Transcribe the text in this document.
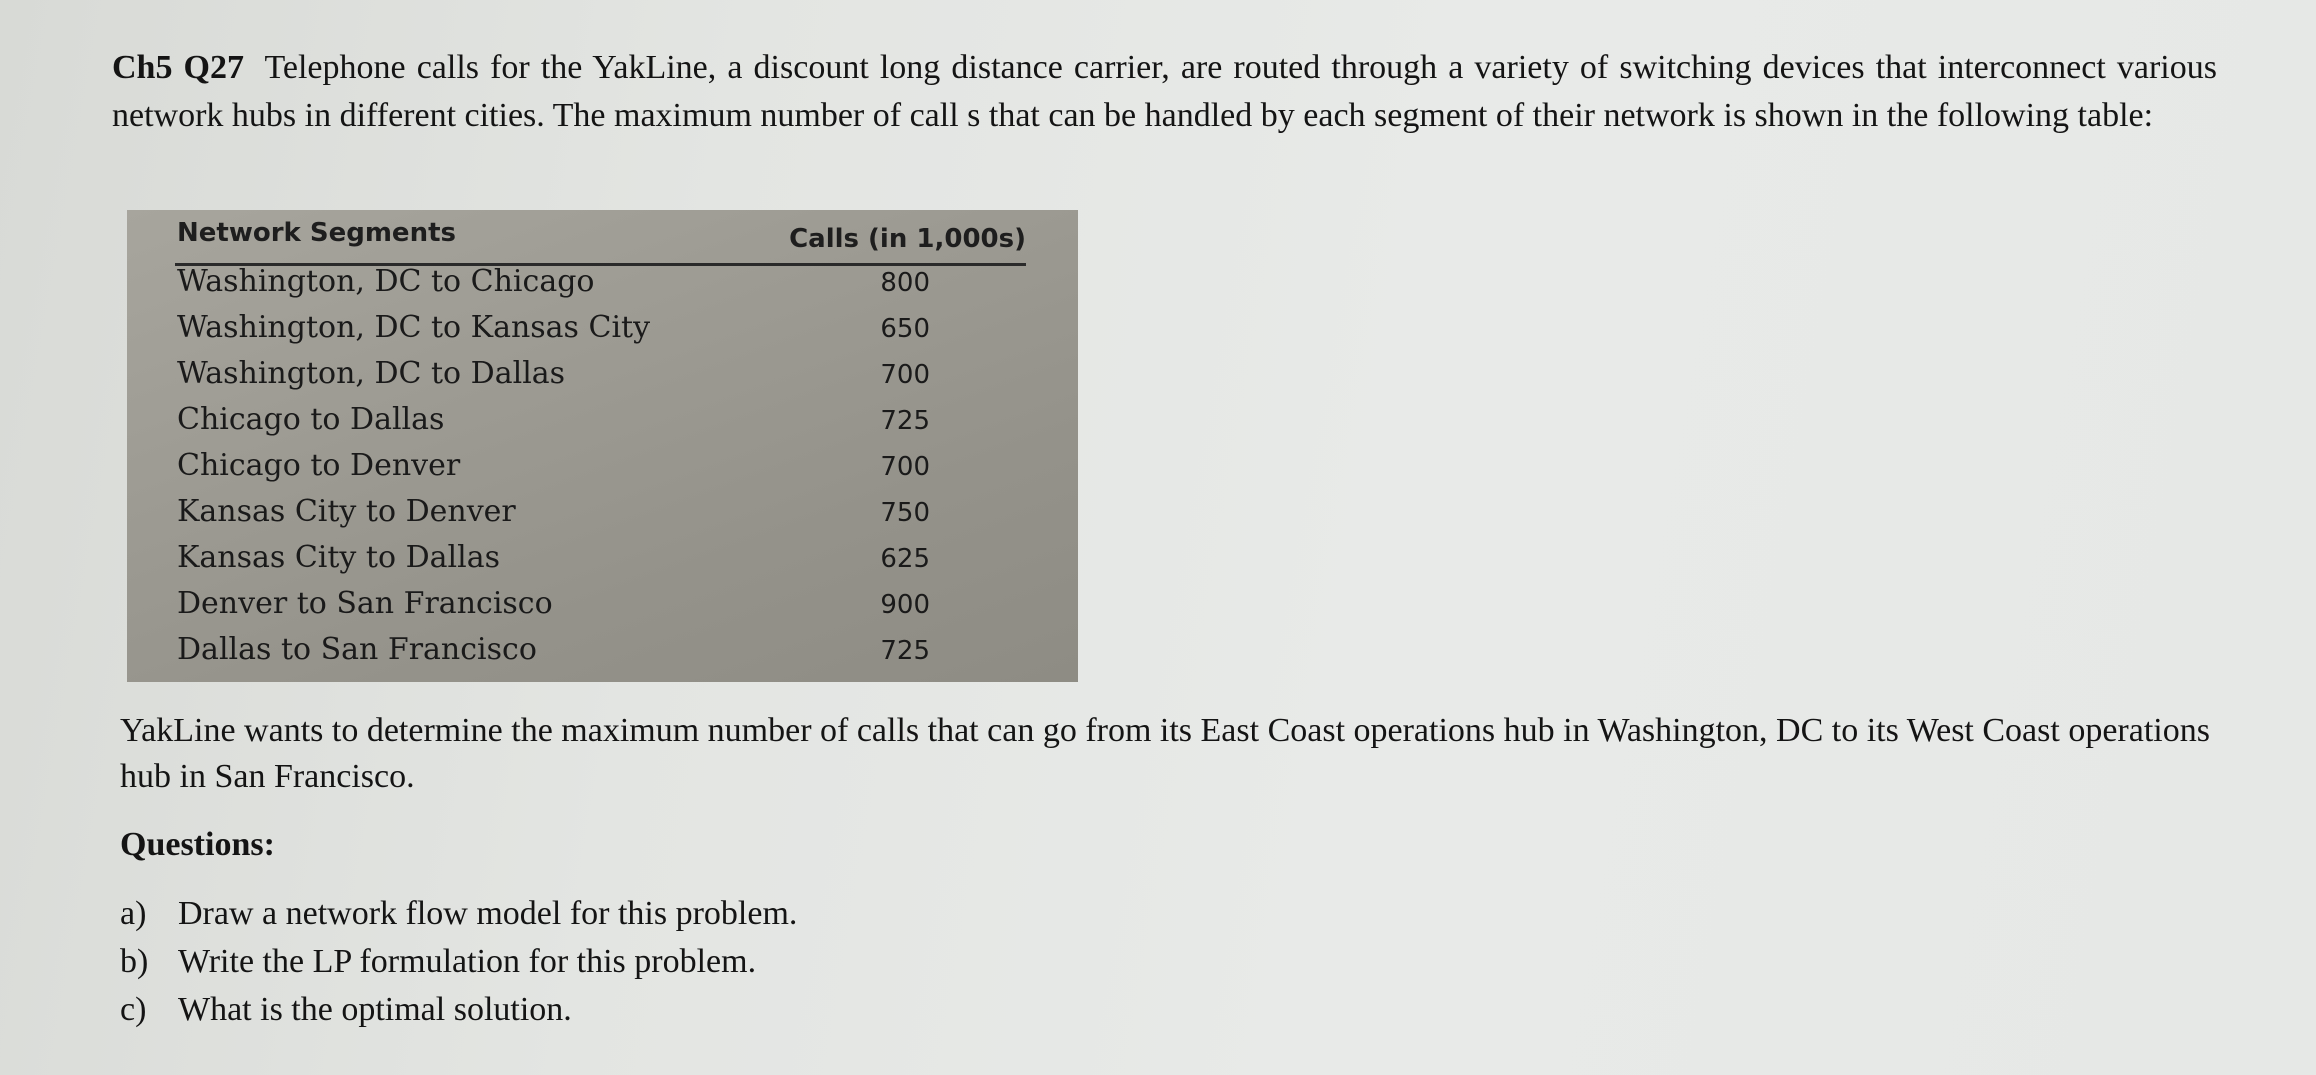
Ch5 Q27 Telephone calls for the YakLine, a discount long distance carrier, are routed through a variety of switching devices that interconnect various network hubs in different cities. The maximum number of call s that can be handled by each segment of their network is shown in the following table:
Network Segments	Calls (in 1,000s)
Washington, DC to Chicago	800
Washington, DC to Kansas City	650
Washington, DC to Dallas	700
Chicago to Dallas	725
Chicago to Denver	700
Kansas City to Denver	750
Kansas City to Dallas	625
Denver to San Francisco	900
Dallas to San Francisco	725
YakLine wants to determine the maximum number of calls that can go from its East Coast operations hub in Washington, DC to its West Coast operations hub in San Francisco.
Questions:
a) Draw a network flow model for this problem.
b) Write the LP formulation for this problem.
c) What is the optimal solution.
